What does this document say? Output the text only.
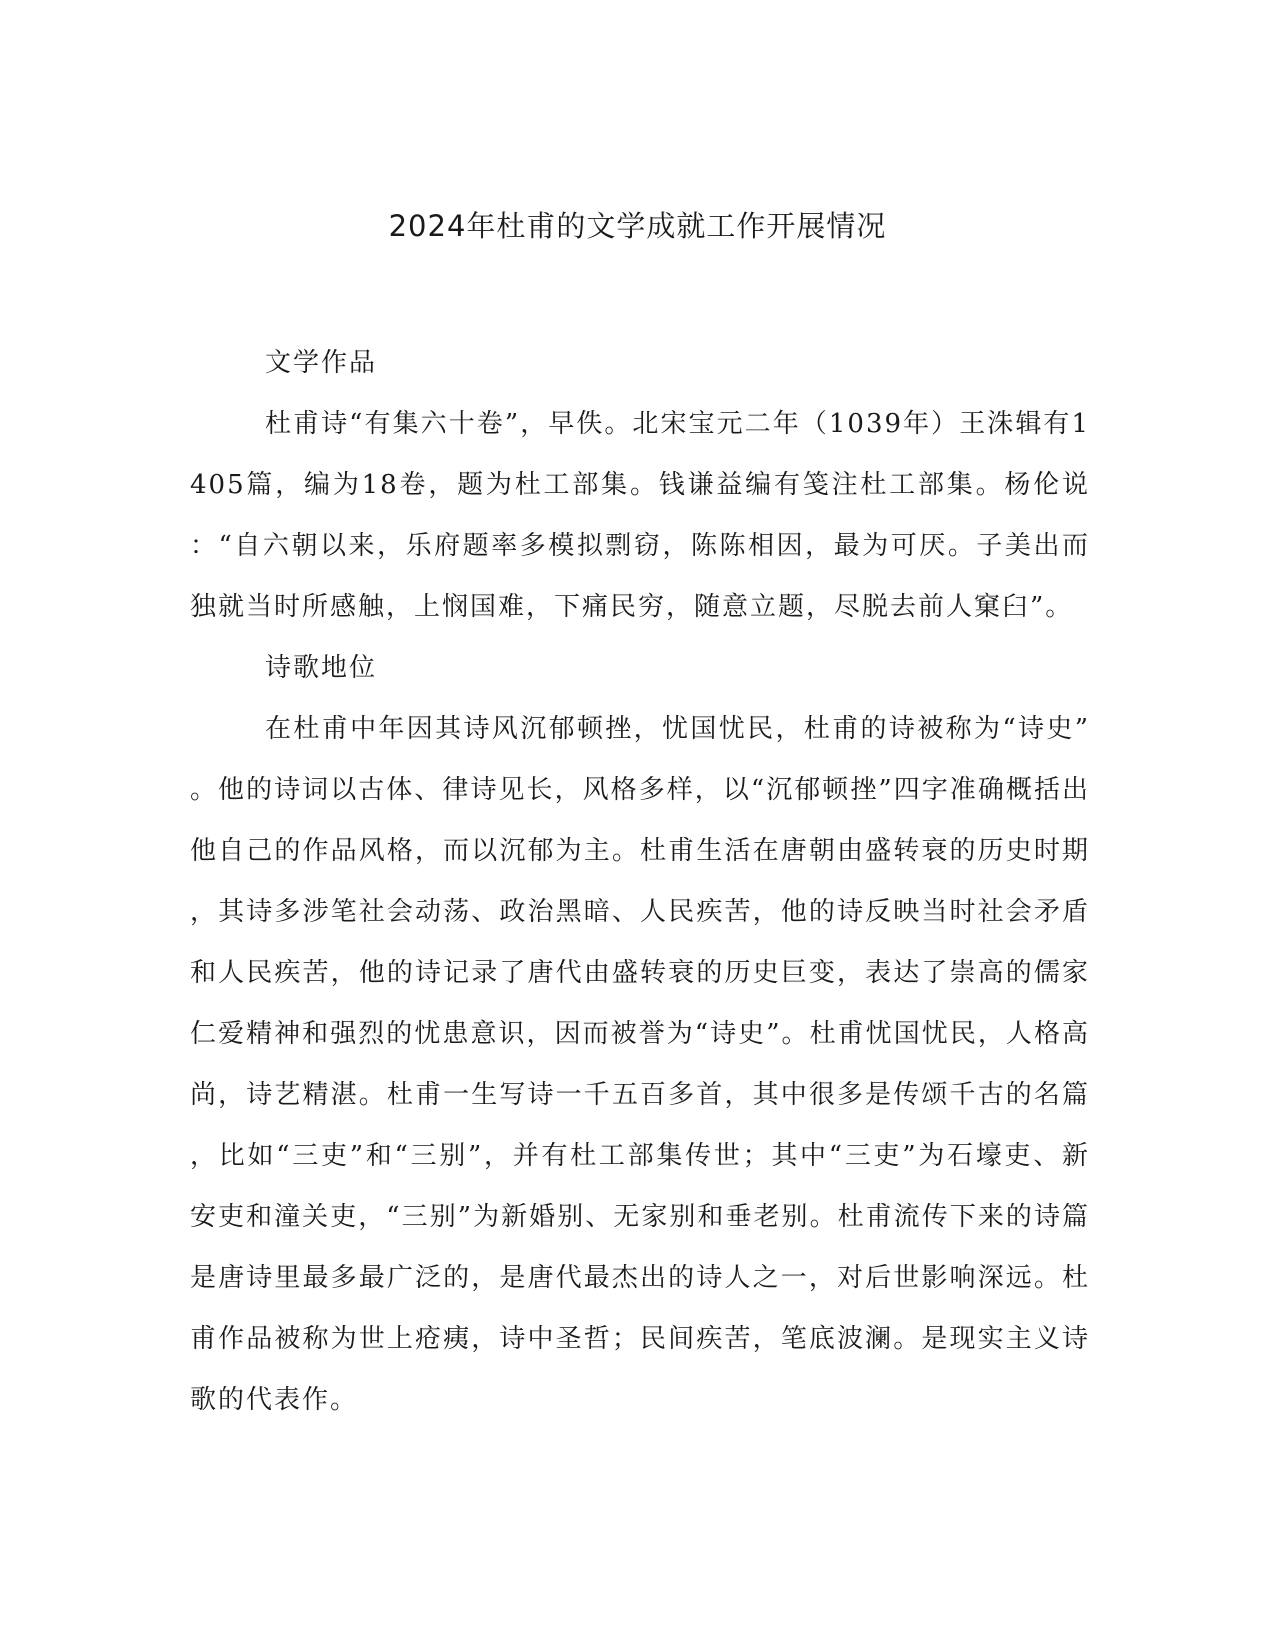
2024年杜甫的文学成就工作开展情况

文学作品

杜甫诗“有集六十卷”，早佚。北宋宝元二年（1039年）王洙辑有1405篇，编为18卷，题为杜工部集。钱谦益编有笺注杜工部集。杨伦说：“自六朝以来，乐府题率多模拟剽窃，陈陈相因，最为可厌。子美出而独就当时所感触，上悯国难，下痛民穷，随意立题，尽脱去前人窠臼”。

诗歌地位

在杜甫中年因其诗风沉郁顿挫，忧国忧民，杜甫的诗被称为“诗史”。他的诗词以古体、律诗见长，风格多样，以“沉郁顿挫”四字准确概括出他自己的作品风格，而以沉郁为主。杜甫生活在唐朝由盛转衰的历史时期，其诗多涉笔社会动荡、政治黑暗、人民疾苦，他的诗反映当时社会矛盾和人民疾苦，他的诗记录了唐代由盛转衰的历史巨变，表达了崇高的儒家仁爱精神和强烈的忧患意识，因而被誉为“诗史”。杜甫忧国忧民，人格高尚，诗艺精湛。杜甫一生写诗一千五百多首，其中很多是传颂千古的名篇，比如“三吏”和“三别”，并有杜工部集传世；其中“三吏”为石壕吏、新安吏和潼关吏，“三别”为新婚别、无家别和垂老别。杜甫流传下来的诗篇是唐诗里最多最广泛的，是唐代最杰出的诗人之一，对后世影响深远。杜甫作品被称为世上疮痍，诗中圣哲；民间疾苦，笔底波澜。是现实主义诗歌的代表作。
